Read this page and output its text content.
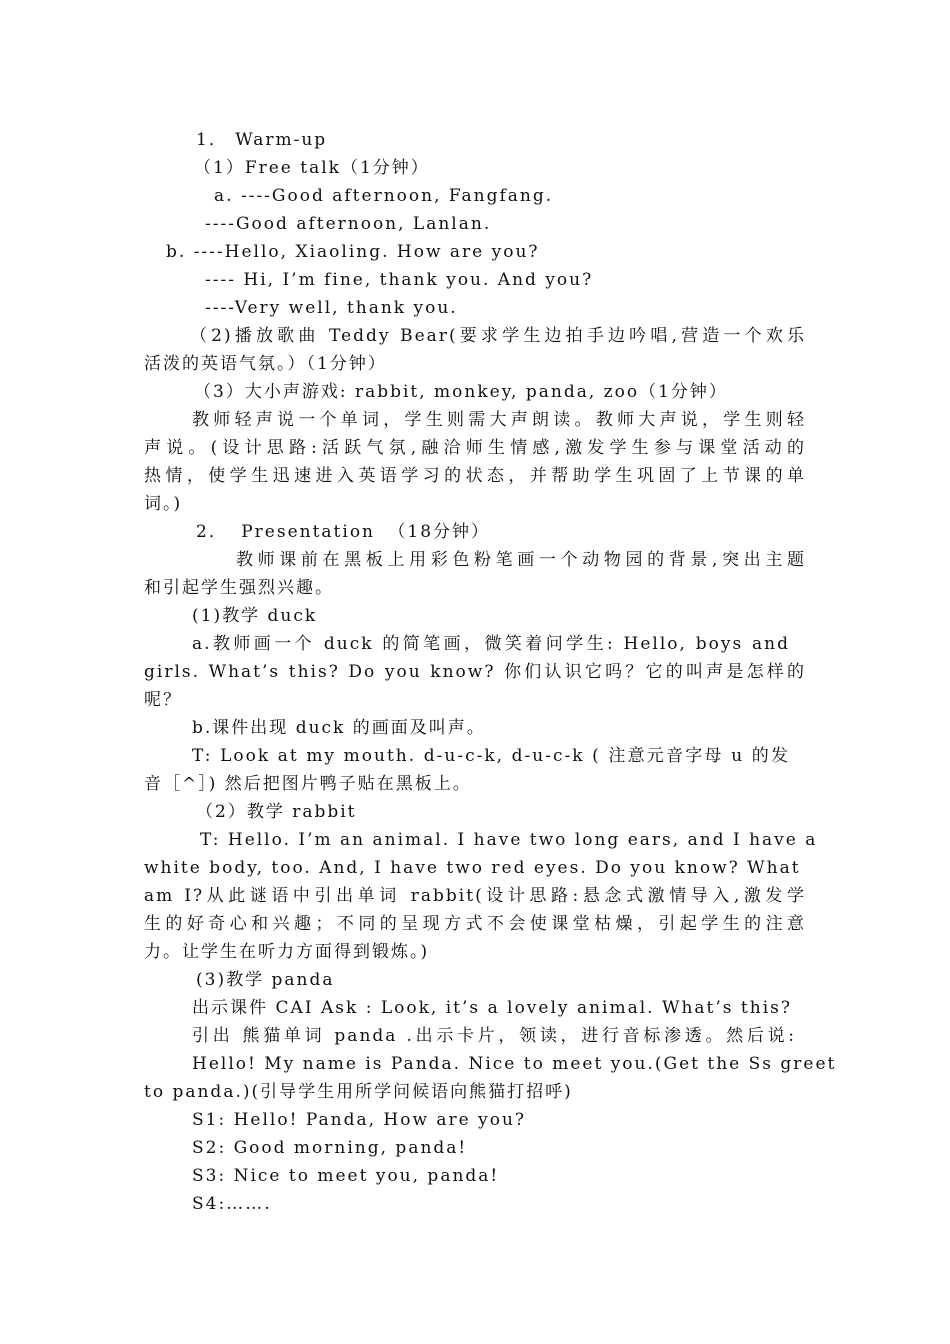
1． Warm-up
（1）Free talk（1分钟）
a. ----Good afternoon, Fangfang.
----Good afternoon, Lanlan.
b. ----Hello, Xiaoling. How are you?
---- Hi, I’m fine, thank you. And you?
----Very well, thank you.
（2)播放歌曲 Teddy Bear(要求学生边拍手边吟唱,营造一个欢乐
活泼的英语气氛。）（1分钟）
（3）大小声游戏: rabbit, monkey, panda, zoo（1分钟）
教师轻声说一个单词，学生则需大声朗读。教师大声说，学生则轻
声说。(设计思路:活跃气氛,融洽师生情感,激发学生参与课堂活动的
热情，使学生迅速进入英语学习的状态，并帮助学生巩固了上节课的单
词。)
2． Presentation （18分钟）
教师课前在黑板上用彩色粉笔画一个动物园的背景,突出主题
和引起学生强烈兴趣。
(1)教学 duck
a.教师画一个 duck 的简笔画，微笑着问学生: Hello, boys and
girls. What’s this? Do you know? 你们认识它吗？它的叫声是怎样的
呢？
b.课件出现 duck 的画面及叫声。
T: Look at my mouth. d-u-c-k, d-u-c-k ( 注意元音字母 u 的发
音［^］) 然后把图片鸭子贴在黑板上。
（2）教学 rabbit
T: Hello. I’m an animal. I have two long ears, and I have a
white body, too. And, I have two red eyes. Do you know? What
am I?从此谜语中引出单词 rabbit(设计思路:悬念式激情导入,激发学
生的好奇心和兴趣；不同的呈现方式不会使课堂枯燥，引起学生的注意
力。让学生在听力方面得到锻炼。)
(3)教学 panda
出示课件 CAI Ask : Look, it’s a lovely animal. What’s this?
引出 熊猫单词 panda .出示卡片，领读，进行音标渗透。然后说:
Hello! My name is Panda. Nice to meet you.(Get the Ss greet
to panda.)(引导学生用所学问候语向熊猫打招呼)
S1: Hello! Panda, How are you?
S2: Good morning, panda!
S3: Nice to meet you, panda!
S4:…….
